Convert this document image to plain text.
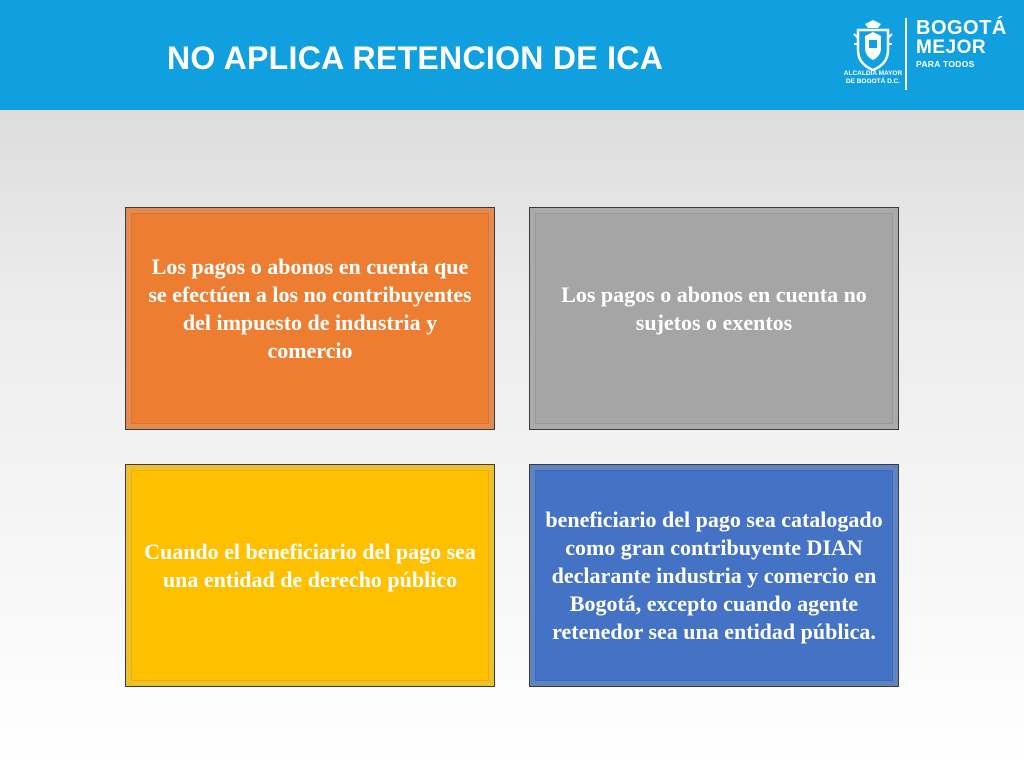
NO APLICA RETENCION DE ICA	ALCALDÍA MAYOR
DE BOGOTÁ D.C.
BOGOTÁ
MEJOR
PARA TODOS
Los pagos o abonos en cuenta que se efectúen a los no contribuyentes del impuesto de industria y comercio
Los pagos o abonos en cuenta no sujetos o exentos
Cuando el beneficiario del pago sea una entidad de derecho público
beneficiario del pago sea catalogado como gran contribuyente DIAN declarante industria y comercio en Bogotá, excepto cuando agente retenedor sea una entidad pública.
